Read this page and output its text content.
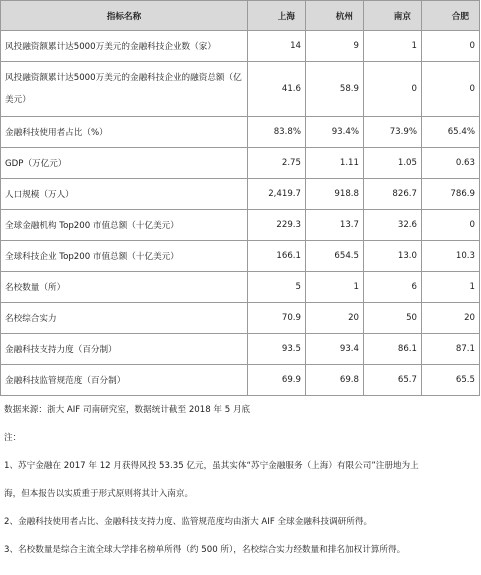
指标名称	上海	杭州	南京	合肥
风投融资额累计达5000万美元的金融科技企业数（家）	14	9	1	0
风投融资额累计达5000万美元的金融科技企业的融资总额（亿美元）	41.6	58.9	0	0
金融科技使用者占比（%）	83.8%	93.4%	73.9%	65.4%
GDP（万亿元）	2.75	1.11	1.05	0.63
人口规模（万人）	2,419.7	918.8	826.7	786.9
全球金融机构 Top200 市值总额（十亿美元）	229.3	13.7	32.6	0
全球科技企业 Top200 市值总额（十亿美元）	166.1	654.5	13.0	10.3
名校数量（所）	5	1	6	1
名校综合实力	70.9	20	50	20
金融科技支持力度（百分制）	93.5	93.4	86.1	87.1
金融科技监管规范度（百分制）	69.9	69.8	65.7	65.5

数据来源：浙大 AIF 司南研究室，数据统计截至 2018 年 5 月底

注：

1、苏宁金融在 2017 年 12 月获得风投 53.35 亿元，虽其实体“苏宁金融服务（上海）有限公司”注册地为上

海，但本报告以实质重于形式原则将其计入南京。

2、金融科技使用者占比、金融科技支持力度、监管规范度均由浙大 AIF 全球金融科技调研所得。

3、名校数量是综合主流全球大学排名榜单所得（约 500 所），名校综合实力经数量和排名加权计算所得。
